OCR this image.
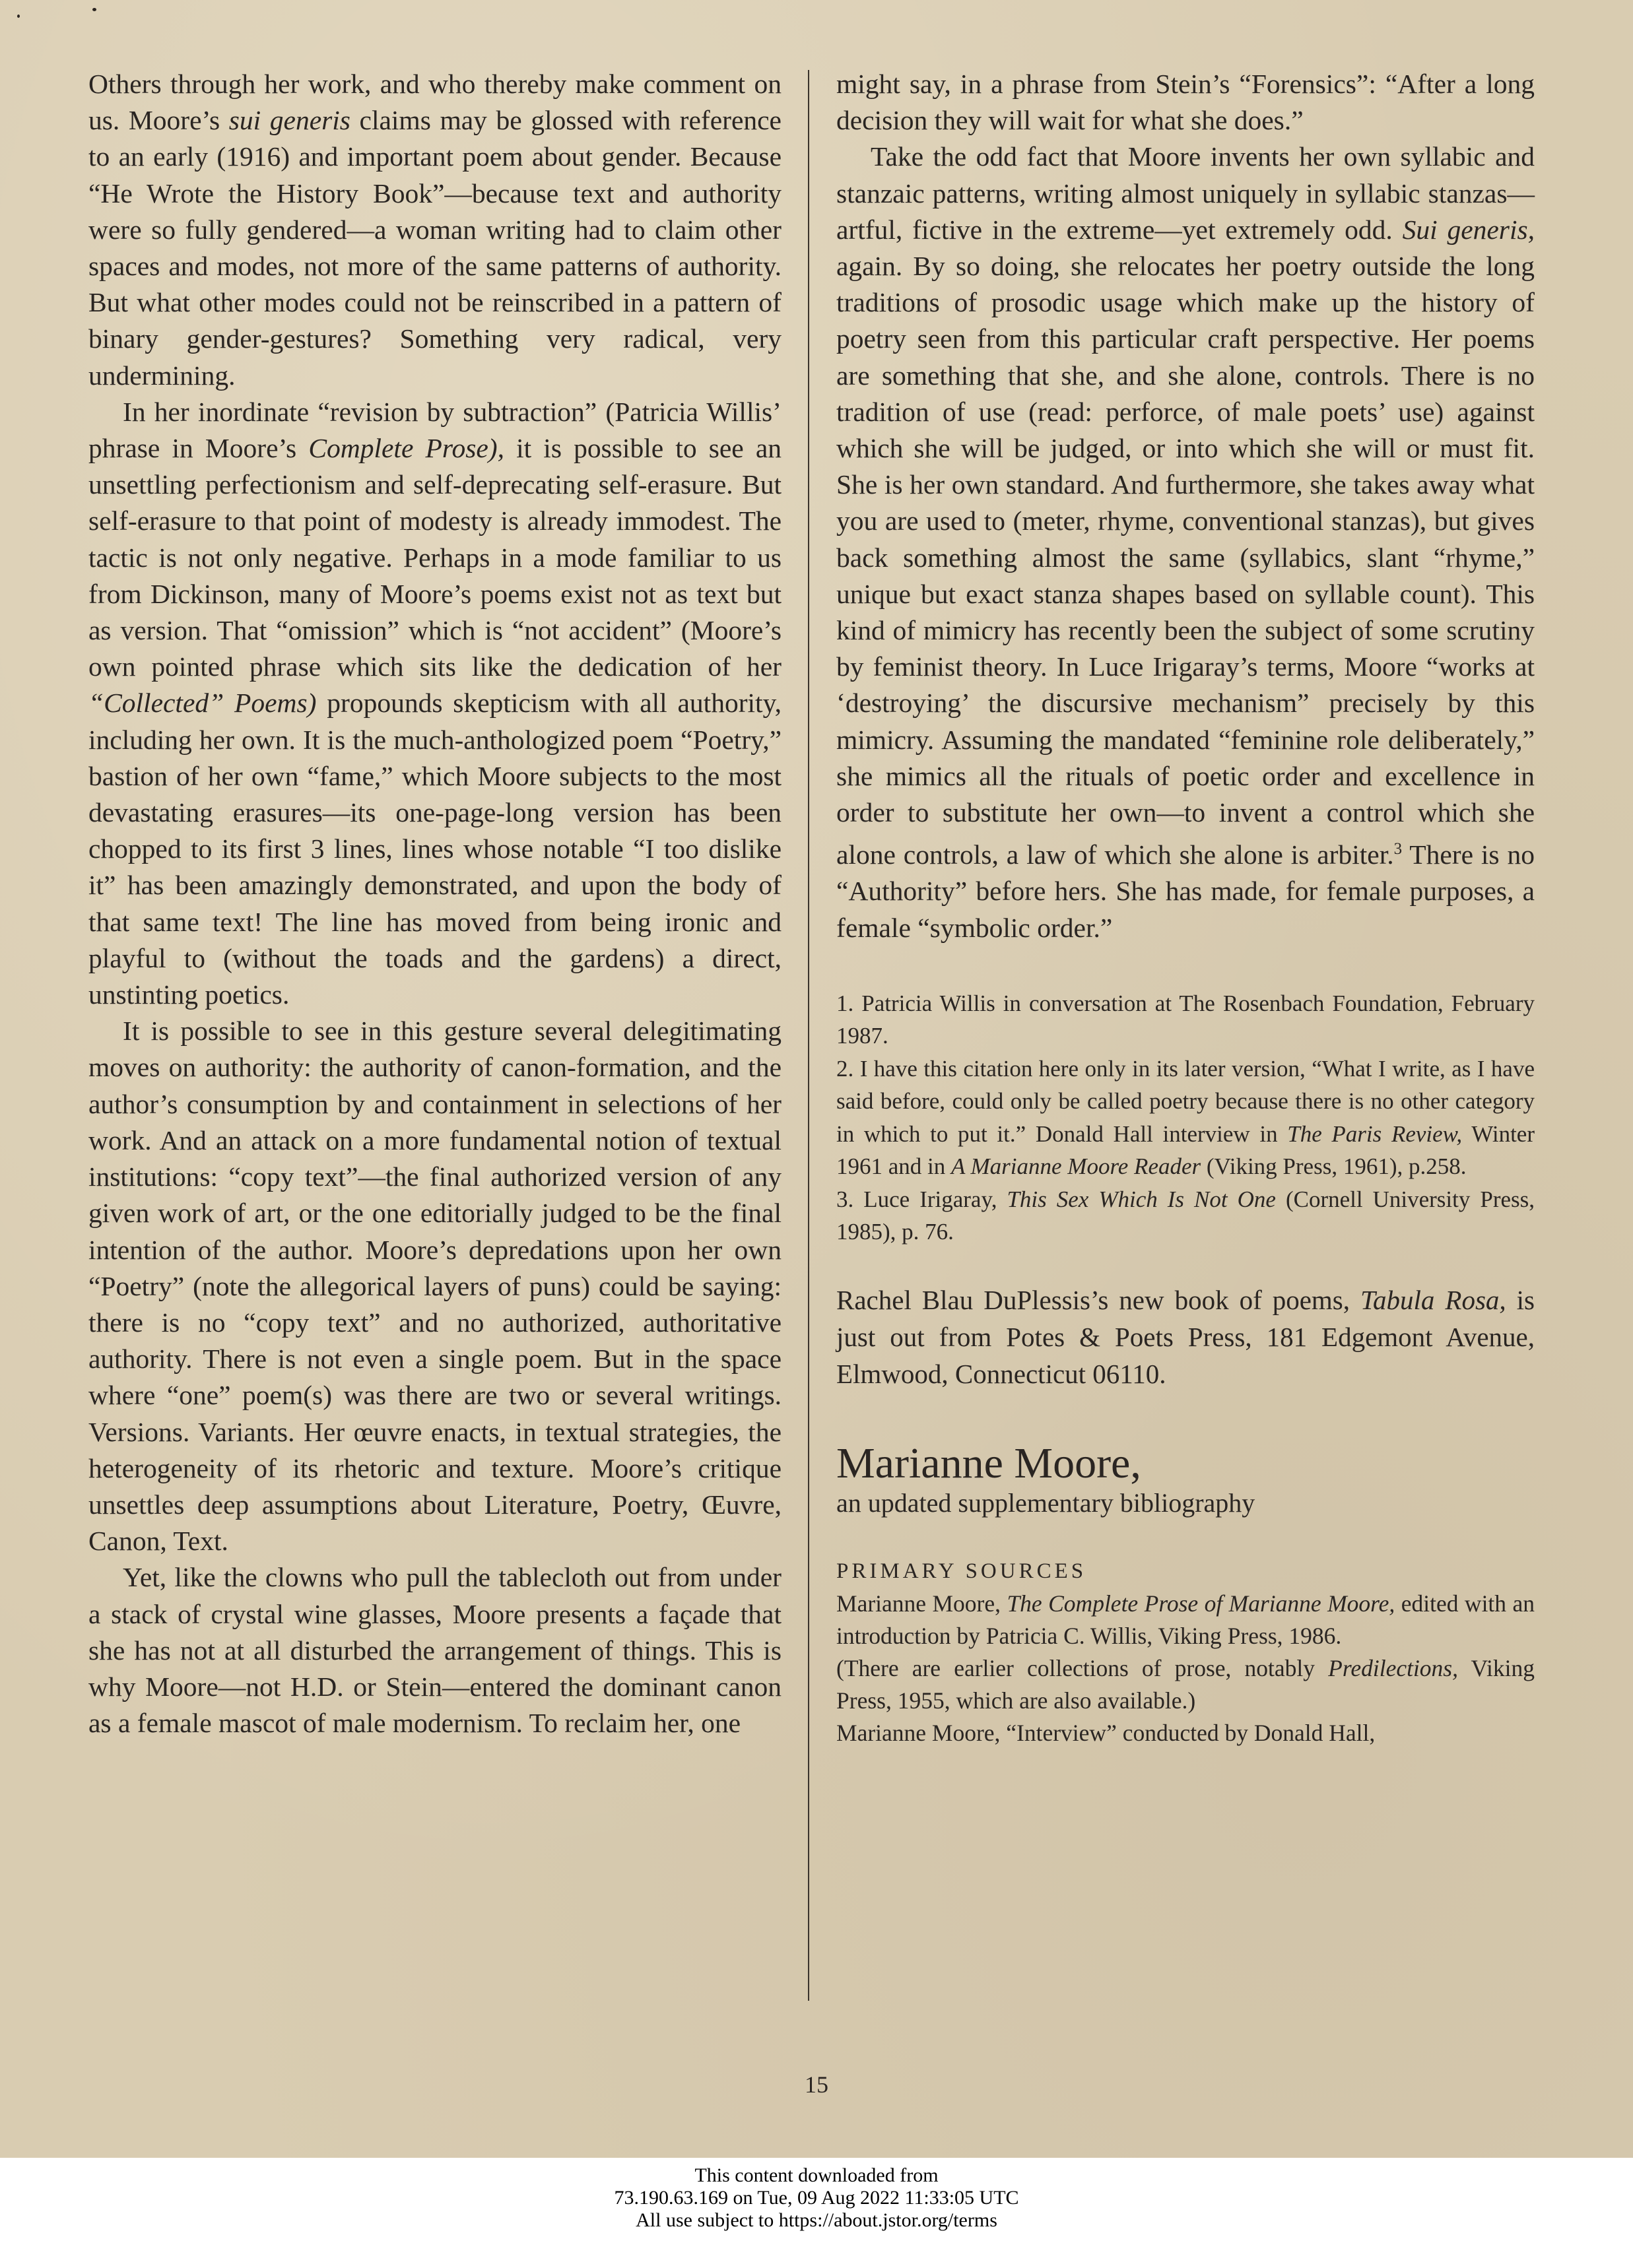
Others through her work, and who thereby make comment on us. Moore’s sui generis claims may be glossed with reference to an early (1916) and important poem about gender. Because “He Wrote the History Book”—because text and authority were so fully gendered—a woman writing had to claim other spaces and modes, not more of the same patterns of authority. But what other modes could not be reinscribed in a pattern of binary gender-gestures? Something very radical, very undermining.

In her inordinate “revision by subtraction” (Patricia Willis’ phrase in Moore’s Complete Prose), it is possible to see an unsettling perfectionism and self-deprecating self-erasure. But self-erasure to that point of modesty is already immodest. The tactic is not only negative. Perhaps in a mode familiar to us from Dickinson, many of Moore’s poems exist not as text but as version. That “omission” which is “not accident” (Moore’s own pointed phrase which sits like the dedication of her “Collected” Poems) propounds skepticism with all authority, including her own. It is the much-anthologized poem “Poetry,” bastion of her own “fame,” which Moore subjects to the most devastating erasures—its one-page-long version has been chopped to its first 3 lines, lines whose notable “I too dislike it” has been amazingly demonstrated, and upon the body of that same text! The line has moved from being ironic and playful to (without the toads and the gardens) a direct, unstinting poetics.

It is possible to see in this gesture several delegitimating moves on authority: the authority of canon-formation, and the author’s consumption by and containment in selections of her work. And an attack on a more fundamental notion of textual institutions: “copy text”—the final authorized version of any given work of art, or the one editorially judged to be the final intention of the author. Moore’s depredations upon her own “Poetry” (note the allegorical layers of puns) could be saying: there is no “copy text” and no authorized, authoritative authority. There is not even a single poem. But in the space where “one” poem(s) was there are two or several writings. Versions. Variants. Her œuvre enacts, in textual strategies, the heterogeneity of its rhetoric and texture. Moore’s critique unsettles deep assumptions about Literature, Poetry, Œuvre, Canon, Text.

Yet, like the clowns who pull the tablecloth out from under a stack of crystal wine glasses, Moore presents a façade that she has not at all disturbed the arrangement of things. This is why Moore—not H.D. or Stein—entered the dominant canon as a female mascot of male modernism. To reclaim her, one

might say, in a phrase from Stein’s “Forensics”: “After a long decision they will wait for what she does.”

Take the odd fact that Moore invents her own syllabic and stanzaic patterns, writing almost uniquely in syllabic stanzas—artful, fictive in the extreme—yet extremely odd. Sui generis, again. By so doing, she relocates her poetry outside the long traditions of prosodic usage which make up the history of poetry seen from this particular craft perspective. Her poems are something that she, and she alone, controls. There is no tradition of use (read: perforce, of male poets’ use) against which she will be judged, or into which she will or must fit. She is her own standard. And furthermore, she takes away what you are used to (meter, rhyme, conventional stanzas), but gives back something almost the same (syllabics, slant “rhyme,” unique but exact stanza shapes based on syllable count). This kind of mimicry has recently been the subject of some scrutiny by feminist theory. In Luce Irigaray’s terms, Moore “works at ‘destroying’ the discursive mechanism” precisely by this mimicry. Assuming the mandated “feminine role deliberately,” she mimics all the rituals of poetic order and excellence in order to substitute her own—to invent a control which she alone controls, a law of which she alone is arbiter.$^3$ There is no “Authority” before hers. She has made, for female purposes, a female “symbolic order.”

1. Patricia Willis in conversation at The Rosenbach Foundation, February 1987.

2. I have this citation here only in its later version, “What I write, as I have said before, could only be called poetry because there is no other category in which to put it.” Donald Hall interview in The Paris Review, Winter 1961 and in A Marianne Moore Reader (Viking Press, 1961), p.258.

3. Luce Irigaray, This Sex Which Is Not One (Cornell University Press, 1985), p. 76.

Rachel Blau DuPlessis’s new book of poems, Tabula Rosa, is just out from Potes & Poets Press, 181 Edgemont Avenue, Elmwood, Connecticut 06110.

Marianne Moore,
an updated supplementary bibliography
PRIMARY SOURCES

Marianne Moore, The Complete Prose of Marianne Moore, edited with an introduction by Patricia C. Willis, Viking Press, 1986.

(There are earlier collections of prose, notably Predilections, Viking Press, 1955, which are also available.)

Marianne Moore, “Interview” conducted by Donald Hall,

15
This content downloaded from
73.190.63.169 on Tue, 09 Aug 2022 11:33:05 UTC
All use subject to https://about.jstor.org/terms
